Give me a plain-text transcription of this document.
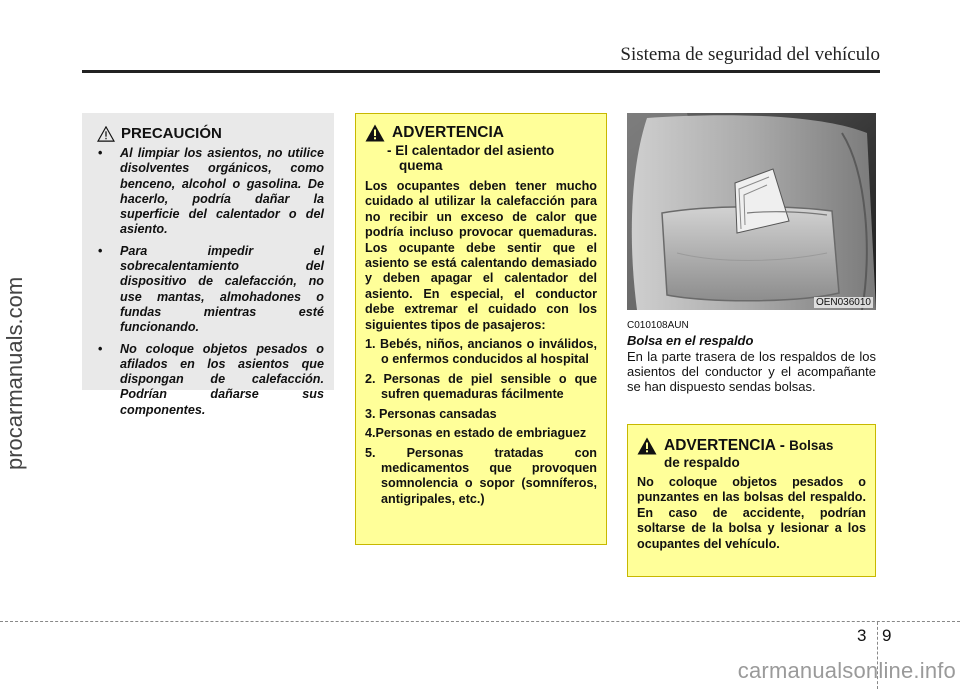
Sistema de seguridad del vehículo
procarmanuals.com
PRECAUCIÓN
• Al limpiar los asientos, no utilice disolventes orgánicos, como benceno, alcohol o gasolina. De hacerlo, podría dañar la superficie del calentador o del asiento.
• Para impedir el sobrecalentamiento del dispositivo de calefacción, no use mantas, almohadones o fundas mientras esté funcionando.
• No coloque objetos pesados o afilados en los asientos que dispongan de calefacción. Podrían dañarse sus componentes.
ADVERTENCIA
- El calentador del asiento quema
Los ocupantes deben tener mucho cuidado al utilizar la calefacción para no recibir un exceso de calor que podría incluso provocar quemaduras. Los ocupante debe sentir que el asiento se está calentando demasiado y deben apagar el calentador del asiento. En especial, el conductor debe extremar el cuidado con los siguientes tipos de pasajeros:
1. Bebés, niños, ancianos o inválidos, o enfermos conducidos al hospital
2. Personas de piel sensible o que sufren quemaduras fácilmente
3. Personas cansadas
4.Personas en estado de embriaguez
5. Personas tratadas con medicamentos que provoquen somnolencia o sopor (somníferos, antigripales, etc.)
OEN036010
C010108AUN
Bolsa en el respaldo
En la parte trasera de los respaldos de los asientos del conductor y el acompañante se han dispuesto sendas bolsas.
ADVERTENCIA - Bolsas
de respaldo
No coloque objetos pesados o punzantes en las bolsas del respaldo. En caso de accidente, podrían soltarse de la bolsa y lesionar a los ocupantes del vehículo.
3 9
carmanualsonline.info
